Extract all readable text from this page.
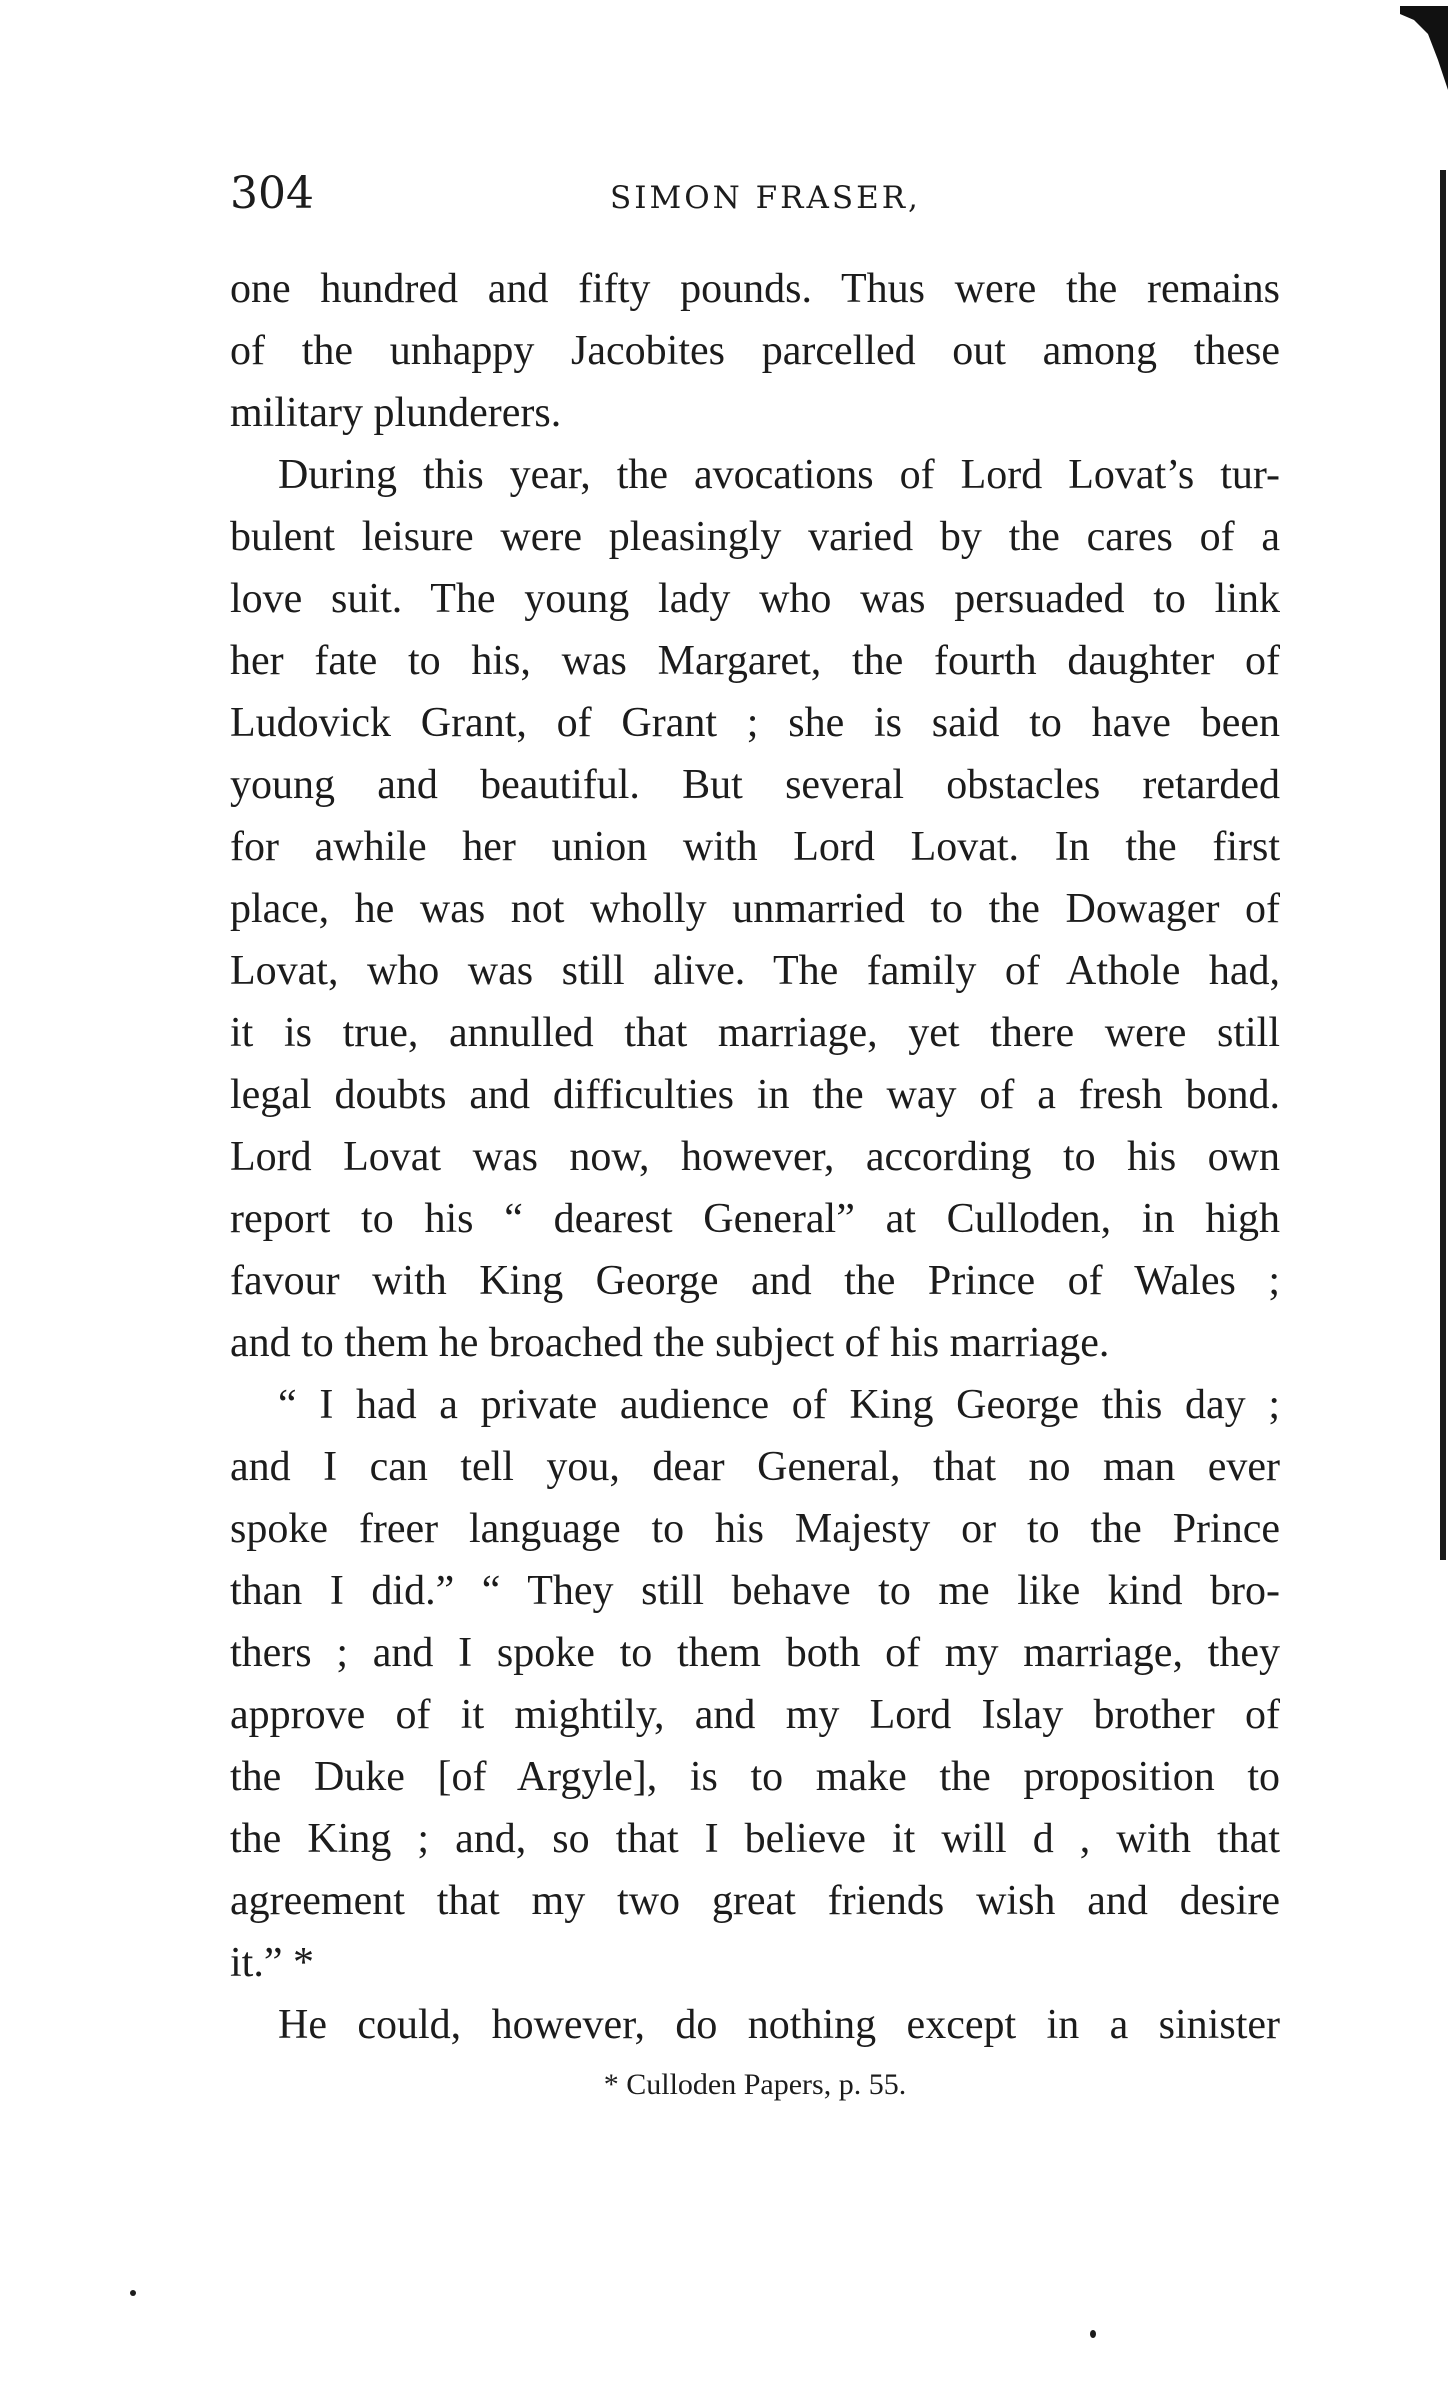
304	SIMON FRASER,
one hundred and fifty pounds. Thus were the remains
of the unhappy Jacobites parcelled out among these
military plunderers.
During this year, the avocations of Lord Lovat’s tur-
bulent leisure were pleasingly varied by the cares of a
love suit. The young lady who was persuaded to link
her fate to his, was Margaret, the fourth daughter of
Ludovick Grant, of Grant ; she is said to have been
young and beautiful. But several obstacles retarded
for awhile her union with Lord Lovat. In the first
place, he was not wholly unmarried to the Dowager of
Lovat, who was still alive. The family of Athole had,
it is true, annulled that marriage, yet there were still
legal doubts and difficulties in the way of a fresh bond.
Lord Lovat was now, however, according to his own
report to his “ dearest General” at Culloden, in high
favour with King George and the Prince of Wales ;
and to them he broached the subject of his marriage.
“ I had a private audience of King George this day ;
and I can tell you, dear General, that no man ever
spoke freer language to his Majesty or to the Prince
than I did.” “ They still behave to me like kind bro-
thers ; and I spoke to them both of my marriage, they
approve of it mightily, and my Lord Islay brother of
the Duke [of Argyle], is to make the proposition to
the King ; and, so that I believe it will d , with that
agreement that my two great friends wish and desire
it.” *
He could, however, do nothing except in a sinister
* Culloden Papers, p. 55.
